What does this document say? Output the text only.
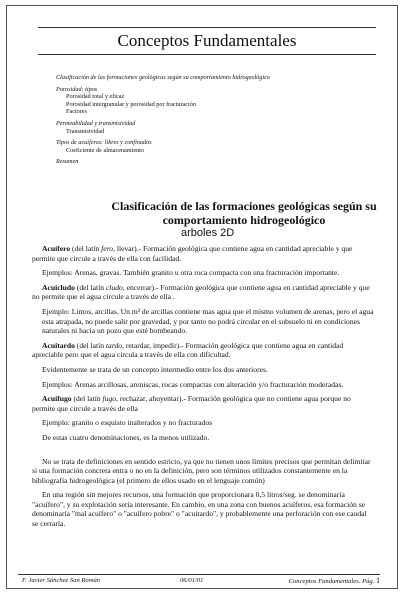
Conceptos Fundamentales
Clasificación de las formaciones geológicas según su comportamiento hidrogeológico
Porosidad: tipos
Porosidad total y eficaz
Porosidad intergranular y porosidad por fracturación
Factores
Permeabilidad y transmisividad
Transmisividad
Tipos de acuíferos: libres y confinados
Coeficiente de almacenamiento
Resumen
Clasificación de las formaciones geológicas según su comportamiento hidrogeológico
arboles 2D

Acuífero (del latín fero, llevar).- Formación geológica que contiene agua en cantidad apreciable y que permite que circule a través de ella con facilidad.

Ejemplos: Arenas, gravas. También granito u otra roca compacta con una fracturación importante.

Acuicludo (del latín cludo, encerrar).- Formación geológica que contiene agua en cantidad apreciable y que no permite que el agua circule a través de ella .

Ejemplo: Limos, arcillas. Un m³ de arcillas contiene mas agua que el mismo volumen de arenas, pero el agua esta atrapada, no puede salir por gravedad, y por tanto no podrá circular en el subsuelo ni en condiciones naturales ni hacia un pozo que esté bombeando.

Acuitardo (del latín tardo, retardar, impedir).- Formación geológica que contiene agua en cantidad apreciable pero que el agua circula a través de ella con dificultad.

Evidentemente se trata de un concepto intermedio entre los dos anteriores.

Ejemplos: Arenas arcillosas, areniscas, rocas compactas con alteración y/o fracturación moderadas.

Acuífugo (del latín fugo, rechazar, ahuyentar).- Formación geológica que no contiene agua porque no permite que circule a través de ella

Ejemplo: granito o esquisto inalterados y no fracturados

De estas cuatro denominaciones, es la menos utilizado.

No se trata de definiciones en sentido estricto, ya que no tienen unos límites precisos que permitan delimitar si una formación concreta entra o no en la definición, pero son términos utilizados constantemente en la bibliografía hidrogeológica (el primero de ellos usado en el lenguaje común)

En una región sin mejores recursos, una formación que proporcionara 0,5 litros/seg. se denominaría "acuífero", y su explotación sería interesante. En cambio, en una zona con buenos acuíferos, esa formación se denominaría "mal acuífero" o "acuífero pobre" o "acuitardo", y probablemente una perforación con ese caudal se cerraría.

F. Javier Sánchez San Román	06/01/01	Conceptos Fundamentales. Pág. 1
